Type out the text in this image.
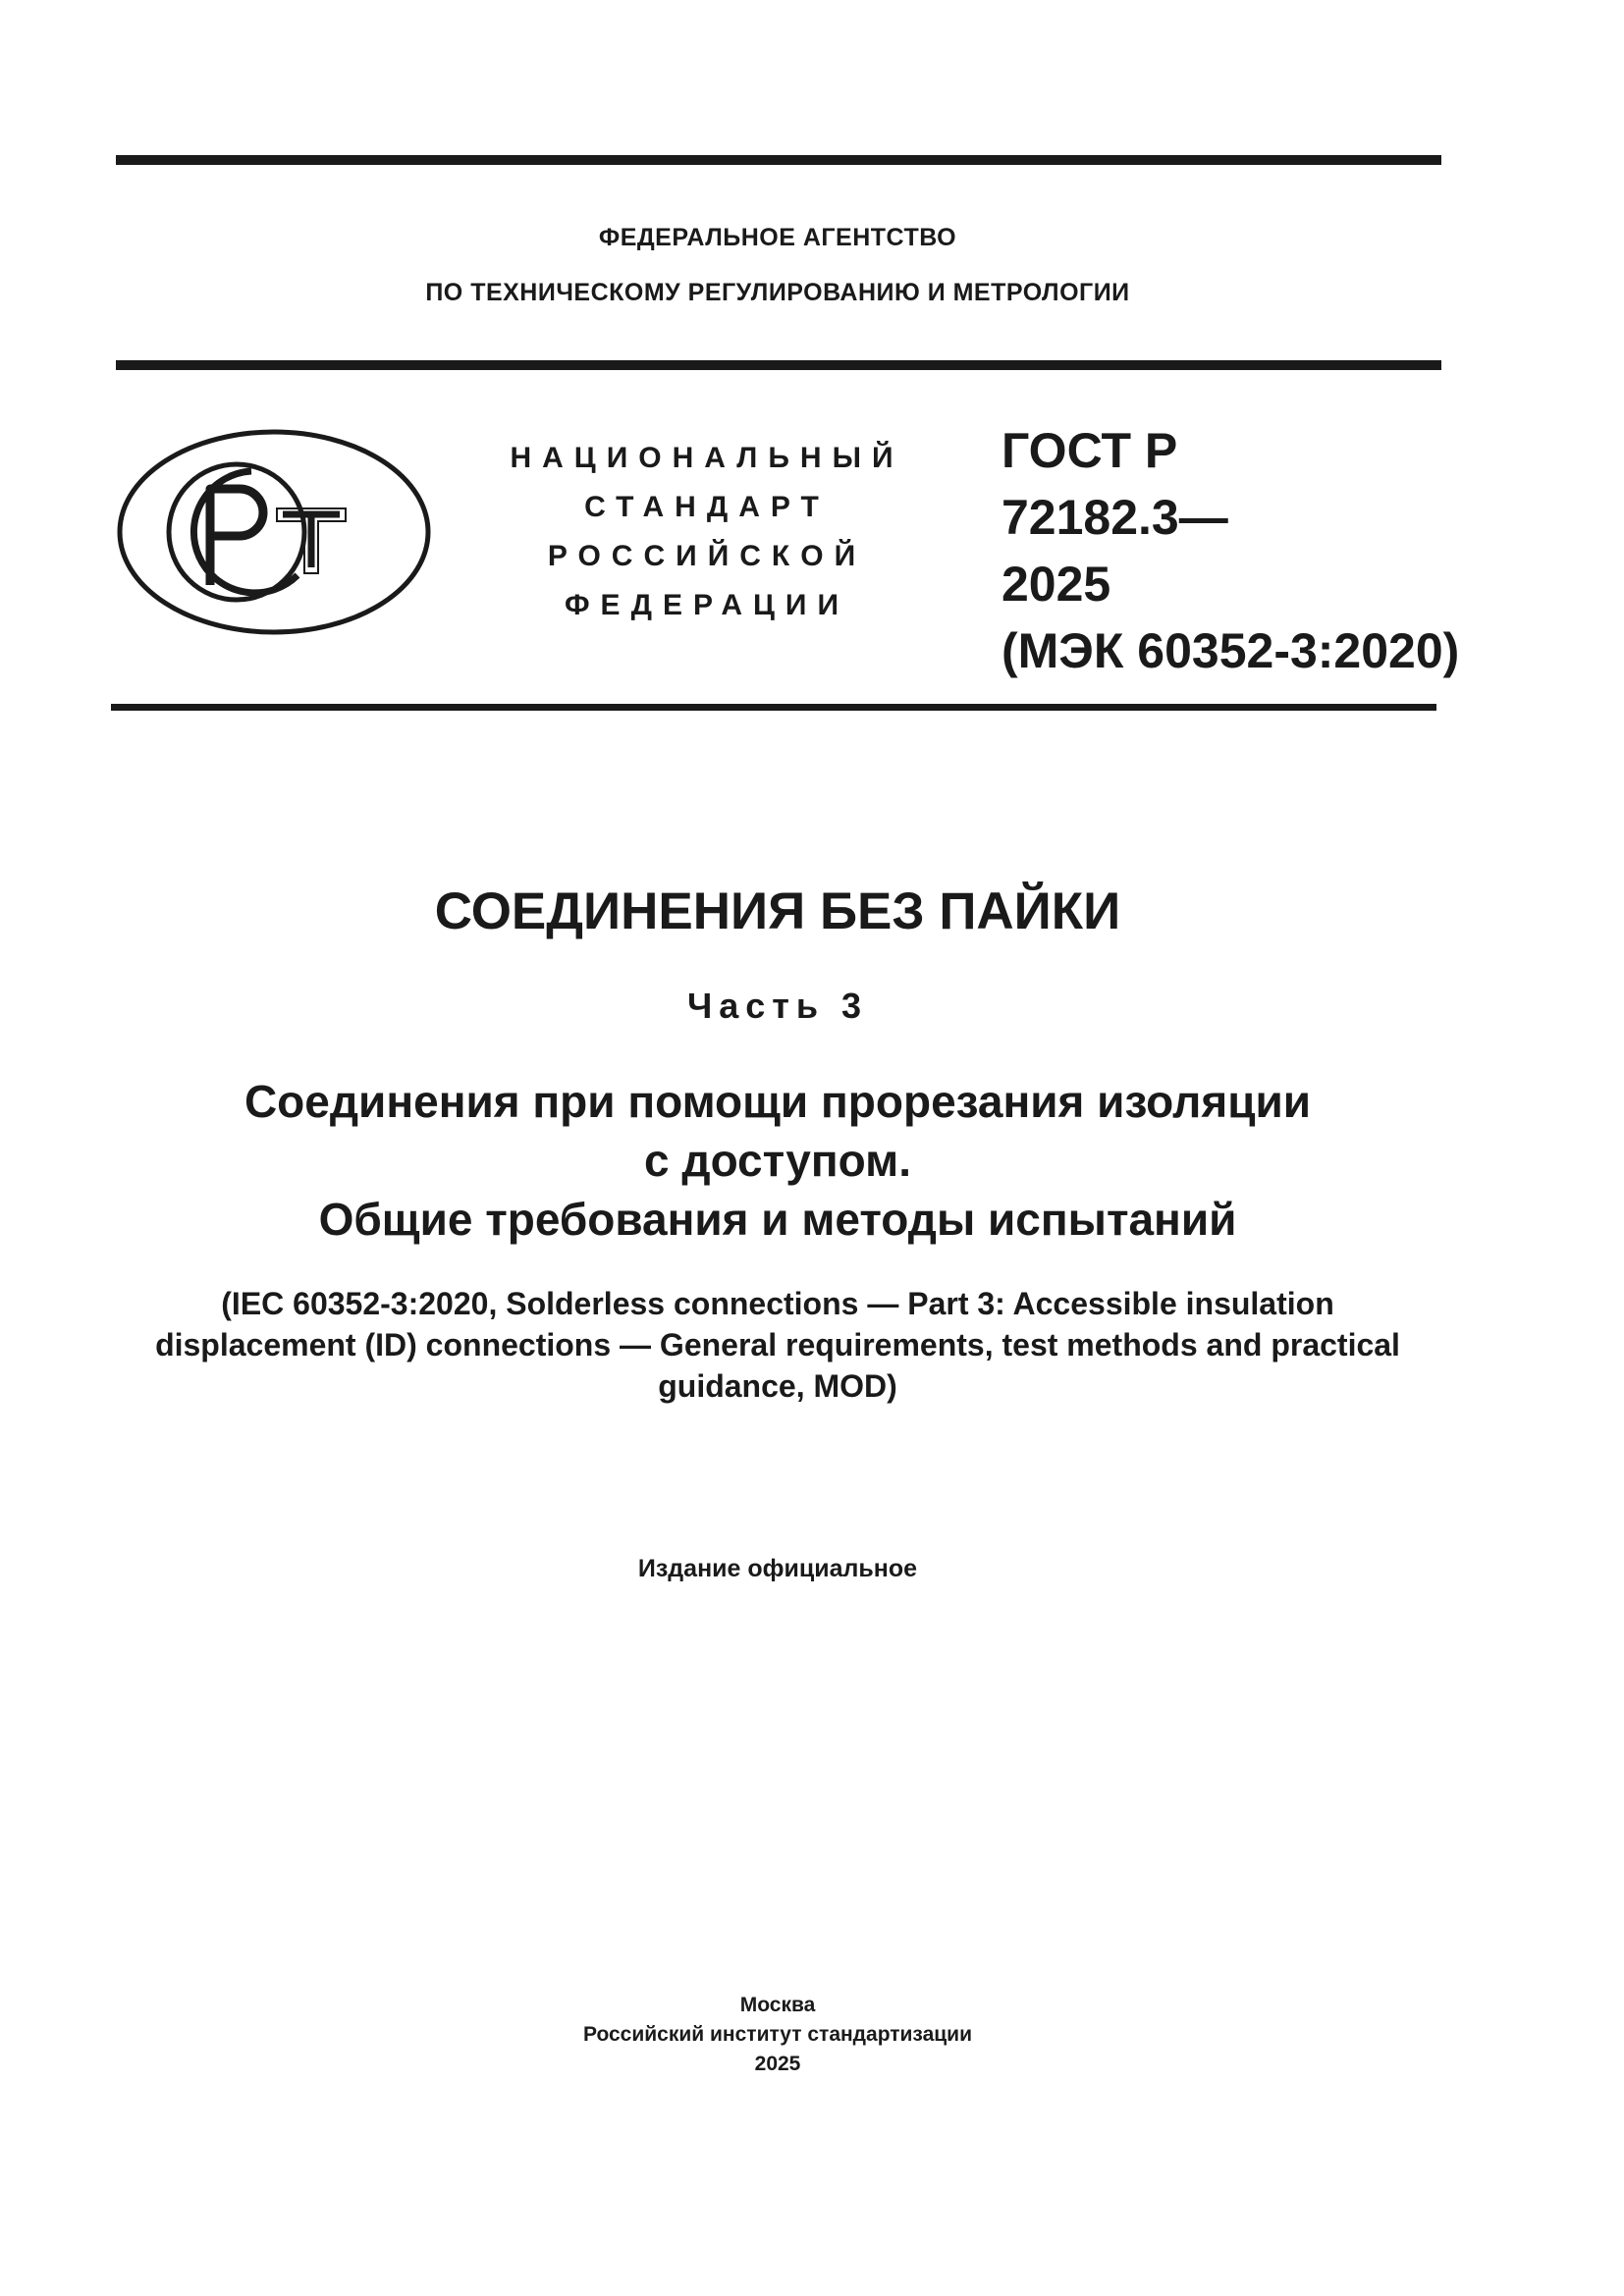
ФЕДЕРАЛЬНОЕ АГЕНТСТВО
ПО ТЕХНИЧЕСКОМУ РЕГУЛИРОВАНИЮ И МЕТРОЛОГИИ
НАЦИОНАЛЬНЫЙ
СТАНДАРТ
РОССИЙСКОЙ
ФЕДЕРАЦИИ
ГОСТ Р
72182.3—
2025
(МЭК 60352-3:2020)
СОЕДИНЕНИЯ БЕЗ ПАЙКИ
Часть 3
Соединения при помощи прорезания изоляции
с доступом.
Общие требования и методы испытаний
(IEC 60352-3:2020, Solderless connections — Part 3: Accessible insulation
displacement (ID) connections — General requirements, test methods and practical
guidance, MOD)
Издание официальное
Москва
Российский институт стандартизации
2025
